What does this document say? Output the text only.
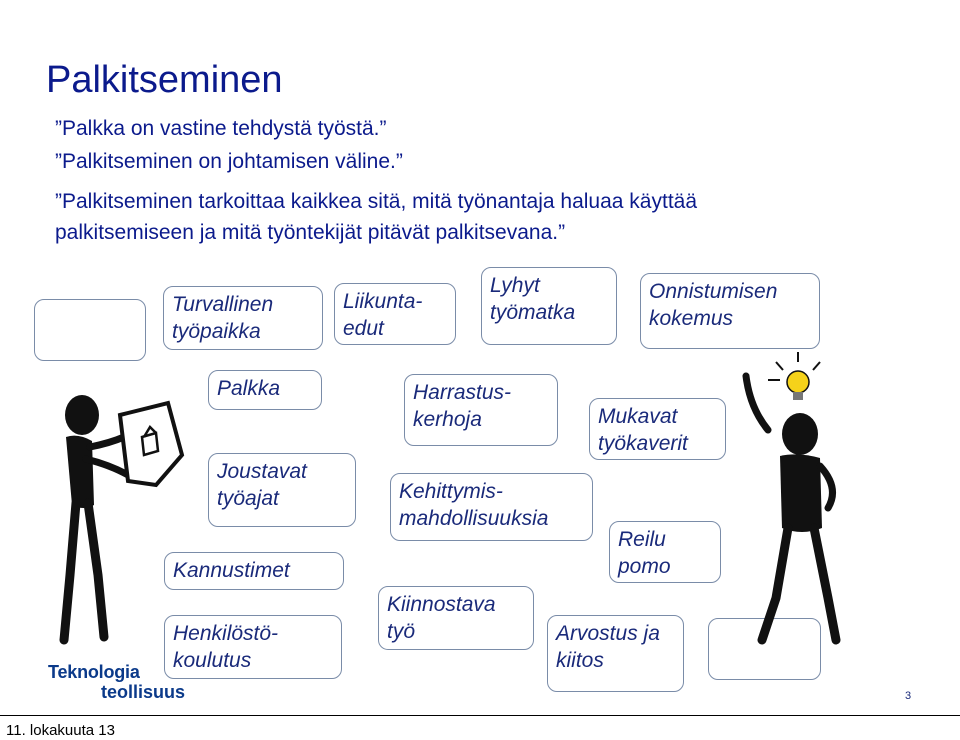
Palkitseminen

”Palkka on vastine tehdystä työstä.”

”Palkitseminen on johtamisen väline.”

”Palkitseminen tarkoittaa kaikkea sitä, mitä työnantaja haluaa käyttää

palkitsemiseen ja mitä työntekijät pitävät palkitsevana.”

Turvallinen
työpaikka
Liikunta-
edut
Lyhyt
työmatka
Onnistumisen
kokemus
Palkka	Harrastus-
kerhoja	Mukavat
työkaverit
Joustavat
työajat	Kehittymis-
mahdollisuuksia
Reilu
pomo
Kannustimet
Kiinnostava
työ
Henkilöstö-
koulutus
Arvostus ja
kiitos
Teknologia
teollisuus	3
11. lokakuuta 13
